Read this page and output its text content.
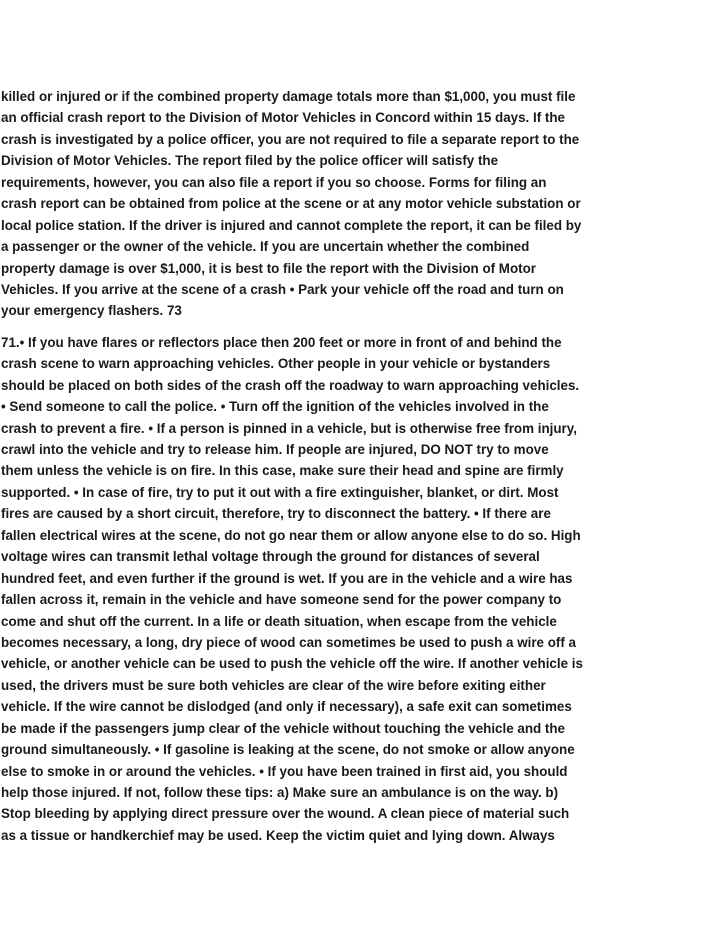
killed or injured or if the combined property damage totals more than $1,000, you must file
an official crash report to the Division of Motor Vehicles in Concord within 15 days. If the
crash is investigated by a police officer, you are not required to file a separate report to the
Division of Motor Vehicles. The report filed by the police officer will satisfy the
requirements, however, you can also file a report if you so choose. Forms for filing an
crash report can be obtained from police at the scene or at any motor vehicle substation or
local police station. If the driver is injured and cannot complete the report, it can be filed by
a passenger or the owner of the vehicle. If you are uncertain whether the combined
property damage is over $1,000, it is best to file the report with the Division of Motor
Vehicles. If you arrive at the scene of a crash • Park your vehicle off the road and turn on
your emergency flashers. 73
71.• If you have flares or reflectors place then 200 feet or more in front of and behind the
crash scene to warn approaching vehicles. Other people in your vehicle or bystanders
should be placed on both sides of the crash off the roadway to warn approaching vehicles.
• Send someone to call the police. • Turn off the ignition of the vehicles involved in the
crash to prevent a fire. • If a person is pinned in a vehicle, but is otherwise free from injury,
crawl into the vehicle and try to release him. If people are injured, DO NOT try to move
them unless the vehicle is on fire. In this case, make sure their head and spine are firmly
supported. • In case of fire, try to put it out with a fire extinguisher, blanket, or dirt. Most
fires are caused by a short circuit, therefore, try to disconnect the battery. • If there are
fallen electrical wires at the scene, do not go near them or allow anyone else to do so. High
voltage wires can transmit lethal voltage through the ground for distances of several
hundred feet, and even further if the ground is wet. If you are in the vehicle and a wire has
fallen across it, remain in the vehicle and have someone send for the power company to
come and shut off the current. In a life or death situation, when escape from the vehicle
becomes necessary, a long, dry piece of wood can sometimes be used to push a wire off a
vehicle, or another vehicle can be used to push the vehicle off the wire. If another vehicle is
used, the drivers must be sure both vehicles are clear of the wire before exiting either
vehicle. If the wire cannot be dislodged (and only if necessary), a safe exit can sometimes
be made if the passengers jump clear of the vehicle without touching the vehicle and the
ground simultaneously. • If gasoline is leaking at the scene, do not smoke or allow anyone
else to smoke in or around the vehicles. • If you have been trained in first aid, you should
help those injured. If not, follow these tips: a) Make sure an ambulance is on the way. b)
Stop bleeding by applying direct pressure over the wound. A clean piece of material such
as a tissue or handkerchief may be used. Keep the victim quiet and lying down. Always
